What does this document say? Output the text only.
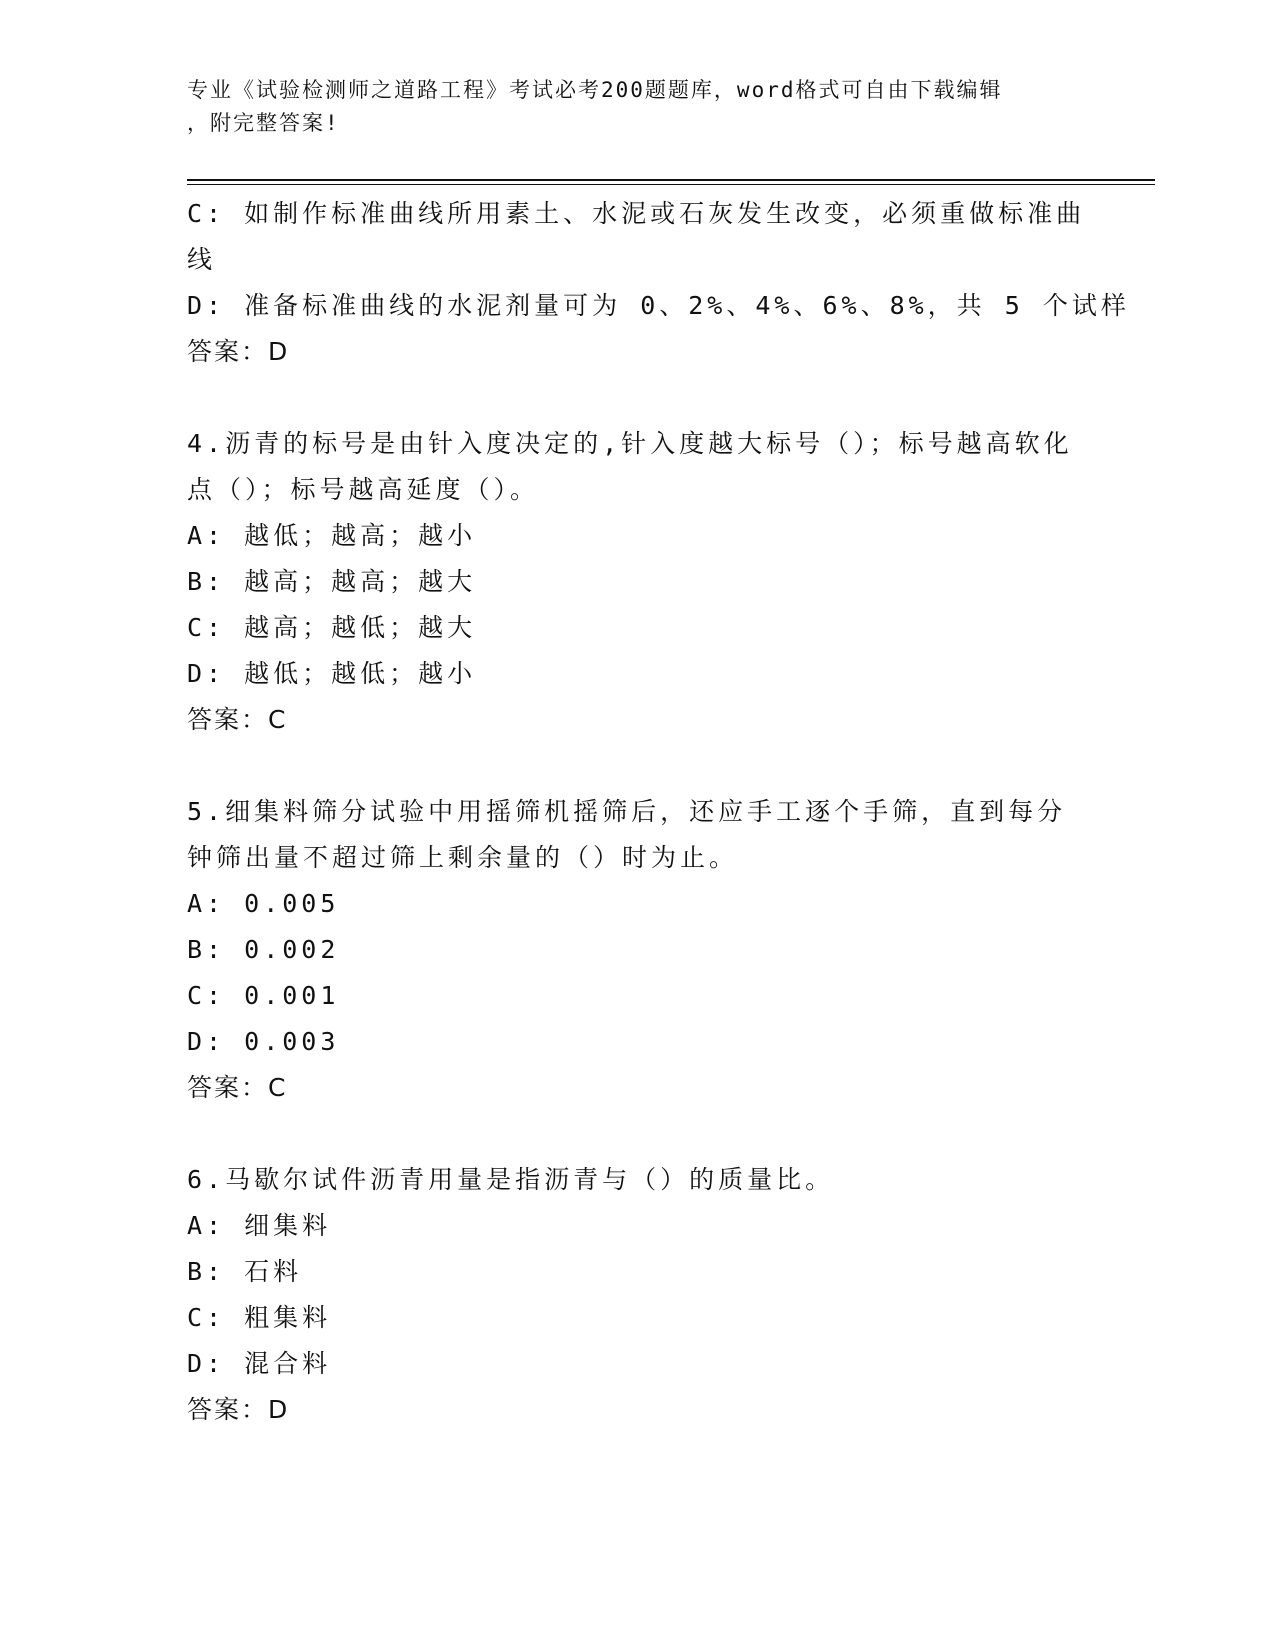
专业《试验检测师之道路工程》考试必考200题题库，word格式可自由下载编辑
，附完整答案!
C: 如制作标准曲线所用素土、水泥或石灰发生改变，必须重做标准曲
线
D: 准备标准曲线的水泥剂量可为 0、2%、4%、6%、8%，共 5 个试样
答案：D
4.沥青的标号是由针入度决定的,针入度越大标号（）；标号越高软化
点（）；标号越高延度（）。
A: 越低；越高；越小
B: 越高；越高；越大
C: 越高；越低；越大
D: 越低；越低；越小
答案：C
5.细集料筛分试验中用摇筛机摇筛后，还应手工逐个手筛，直到每分
钟筛出量不超过筛上剩余量的（）时为止。
A: 0.005
B: 0.002
C: 0.001
D: 0.003
答案：C
6.马歇尔试件沥青用量是指沥青与（）的质量比。
A: 细集料
B: 石料
C: 粗集料
D: 混合料
答案：D
